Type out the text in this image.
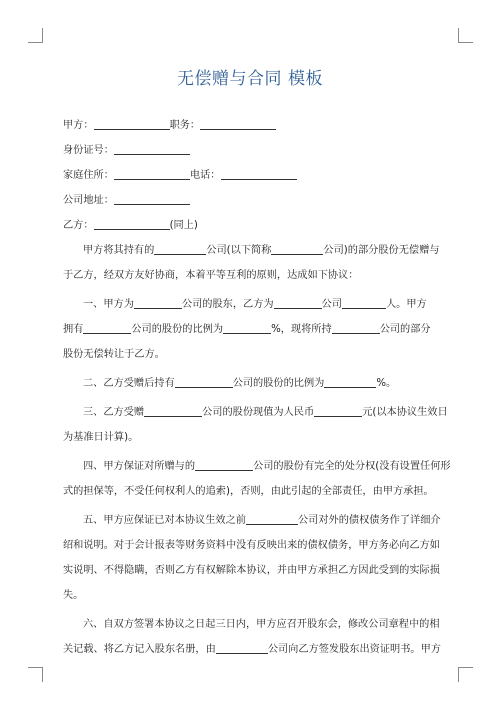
无偿赠与合同 模板
甲方：	职务：
身份证号：
家庭住所：	电话：
公司地址：
乙方：	(同上)
甲方将其持有的	公司(以下简称	公司)的部分股份无偿赠与
于乙方，经双方友好协商，本着平等互利的原则，达成如下协议：
一、甲方为	公司的股东，乙方为	公司	人。甲方
拥有	公司的股份的比例为	%，现将所持	公司的部分
股份无偿转让于乙方。
二、乙方受赠后持有	公司的股份的比例为	%。
三、乙方受赠	公司的股份现值为人民币	元(以本协议生效日
为基准日计算)。
四、甲方保证对所赠与的	公司的股份有完全的处分权(没有设置任何形
式的担保等，不受任何权利人的追索)，否则，由此引起的全部责任，由甲方承担。
五、甲方应保证已对本协议生效之前	公司对外的债权债务作了详细介
绍和说明。对于会计报表等财务资料中没有反映出来的债权债务，甲方务必向乙方如
实说明、不得隐瞒，否则乙方有权解除本协议，并由甲方承担乙方因此受到的实际损
失。
六、自双方签署本协议之日起三日内，甲方应召开股东会，修改公司章程中的相
关记载、将乙方记入股东名册，由	公司向乙方签发股东出资证明书。甲方
